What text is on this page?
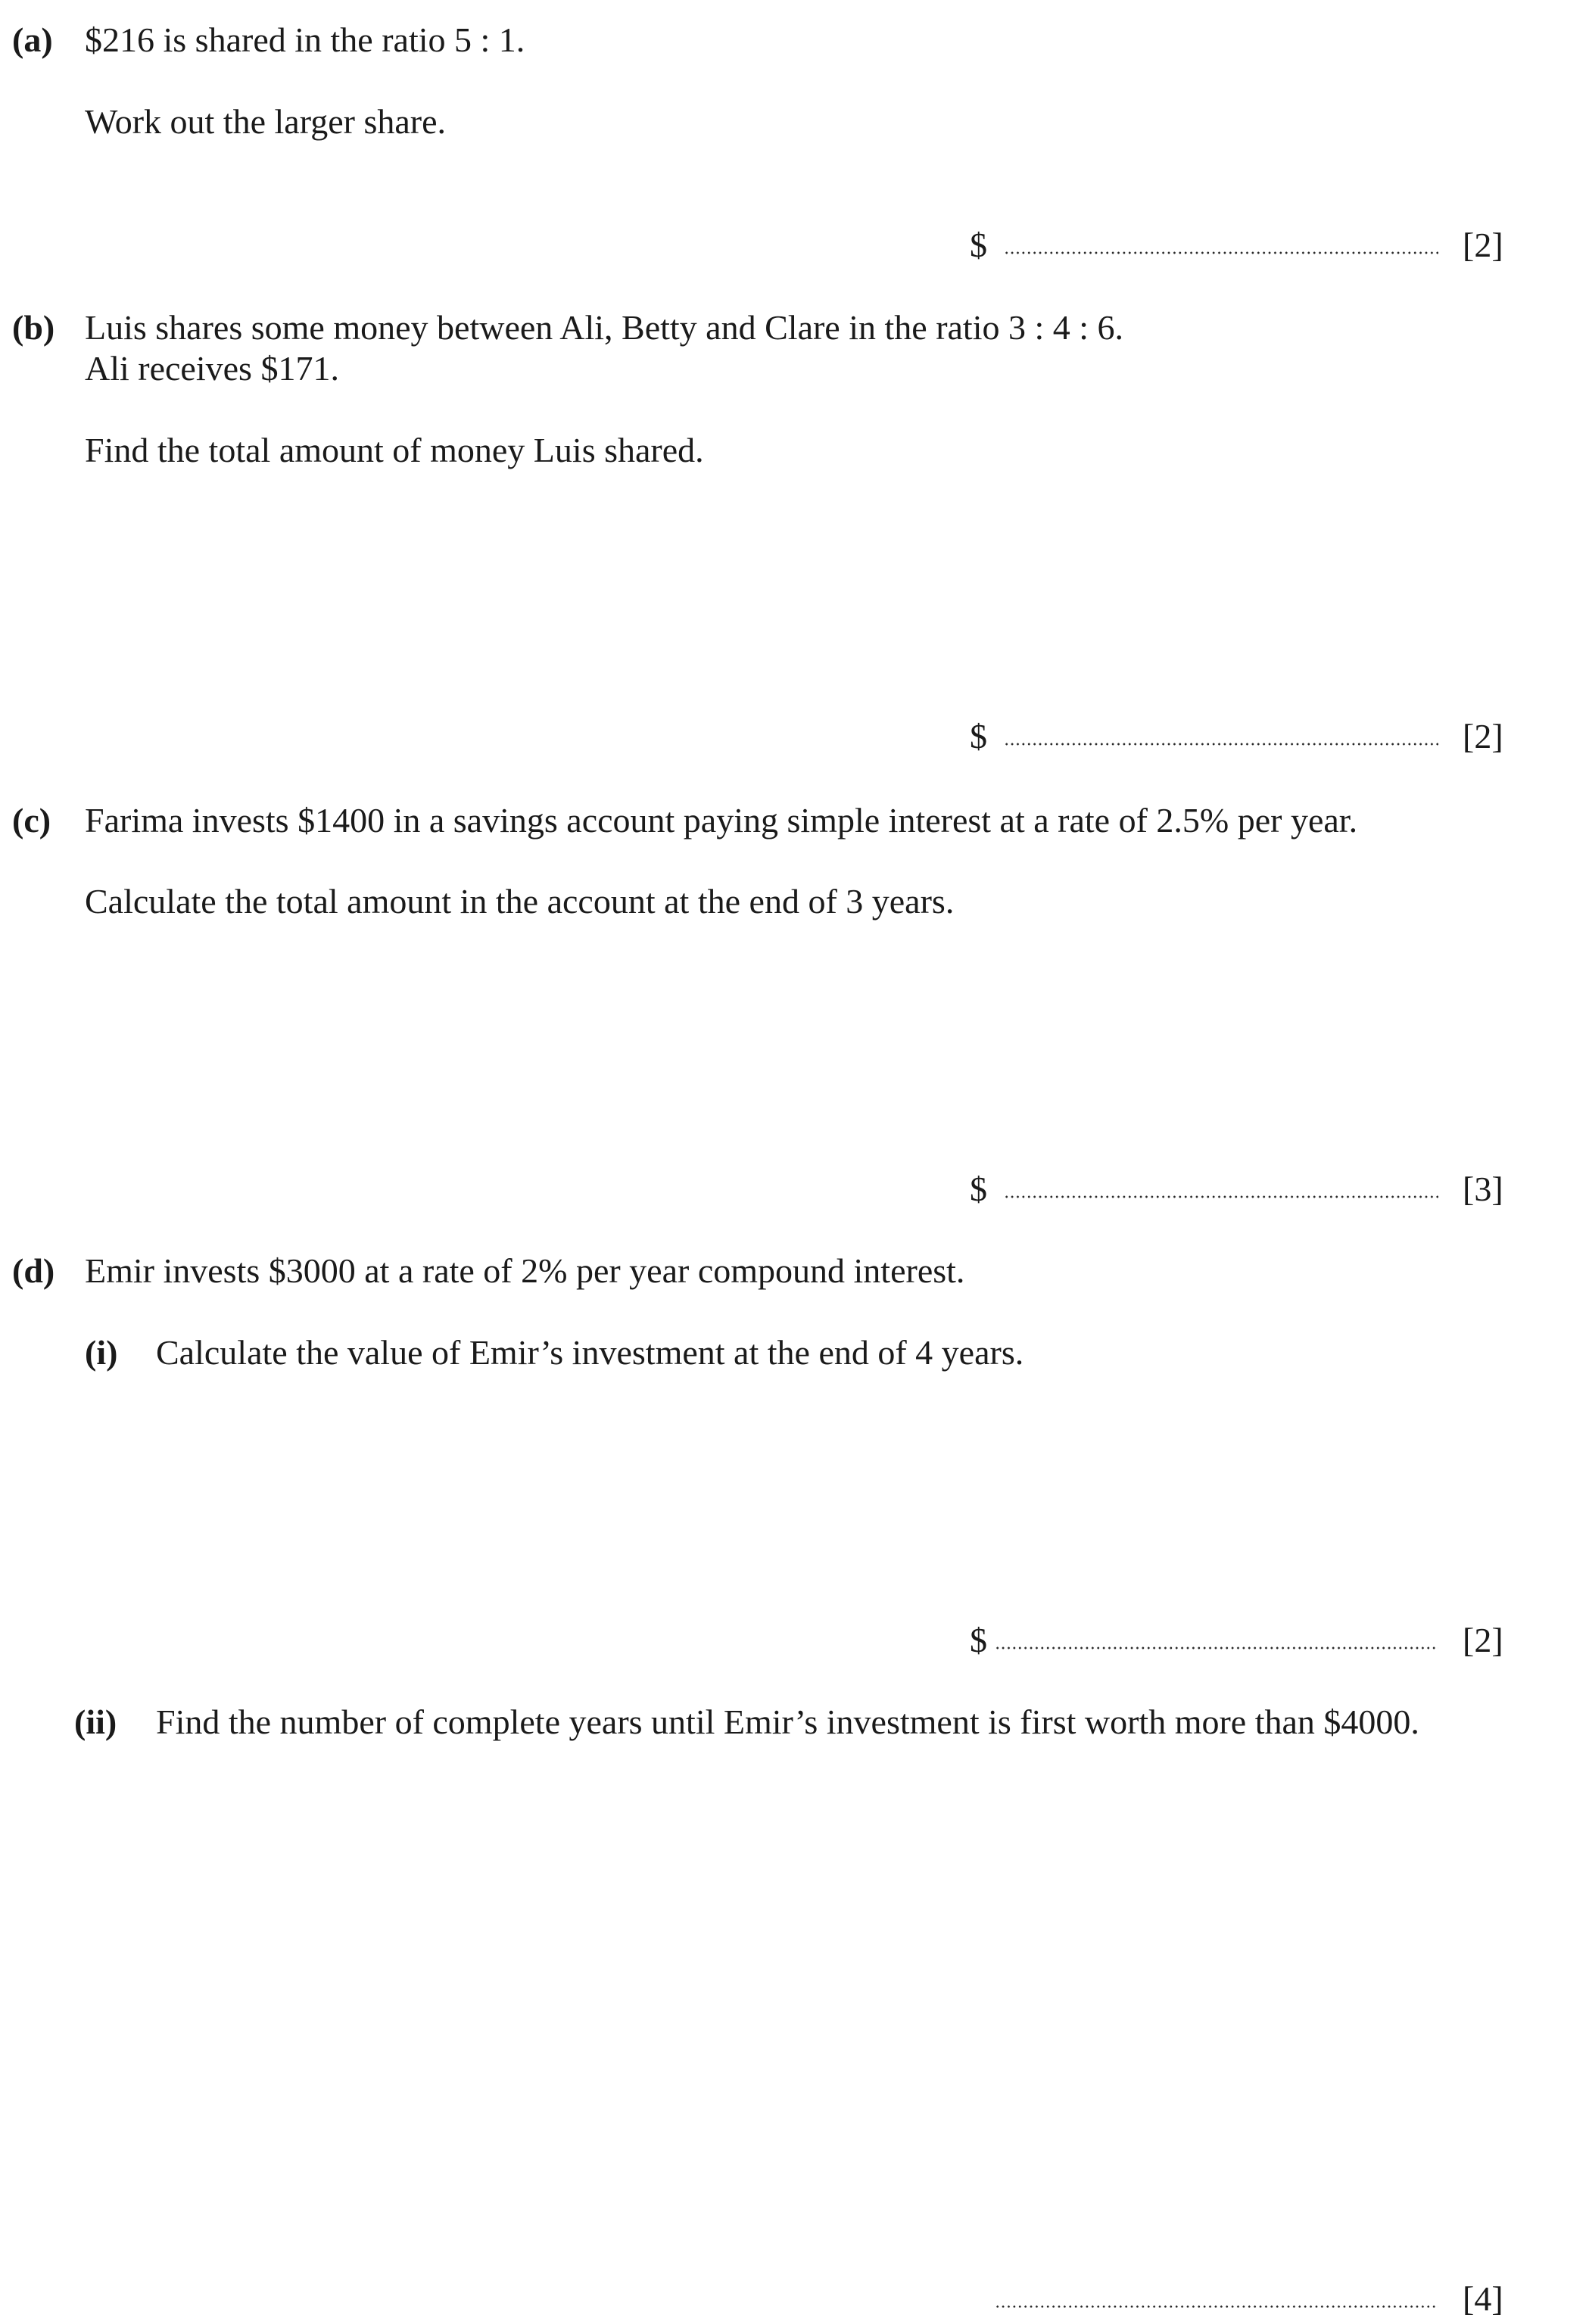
(a) $216 is shared in the ratio 5 : 1.
Work out the larger share.
$	[2]
(b) Luis shares some money between Ali, Betty and Clare in the ratio 3 : 4 : 6.
Ali receives $171.
Find the total amount of money Luis shared.
$	[2]
(c) Farima invests $1400 in a savings account paying simple interest at a rate of 2.5% per year.
Calculate the total amount in the account at the end of 3 years.
$	[3]
(d) Emir invests $3000 at a rate of 2% per year compound interest.
(i) Calculate the value of Emir’s investment at the end of 4 years.
$	[2]
(ii) Find the number of complete years until Emir’s investment is first worth more than $4000.
[4]
